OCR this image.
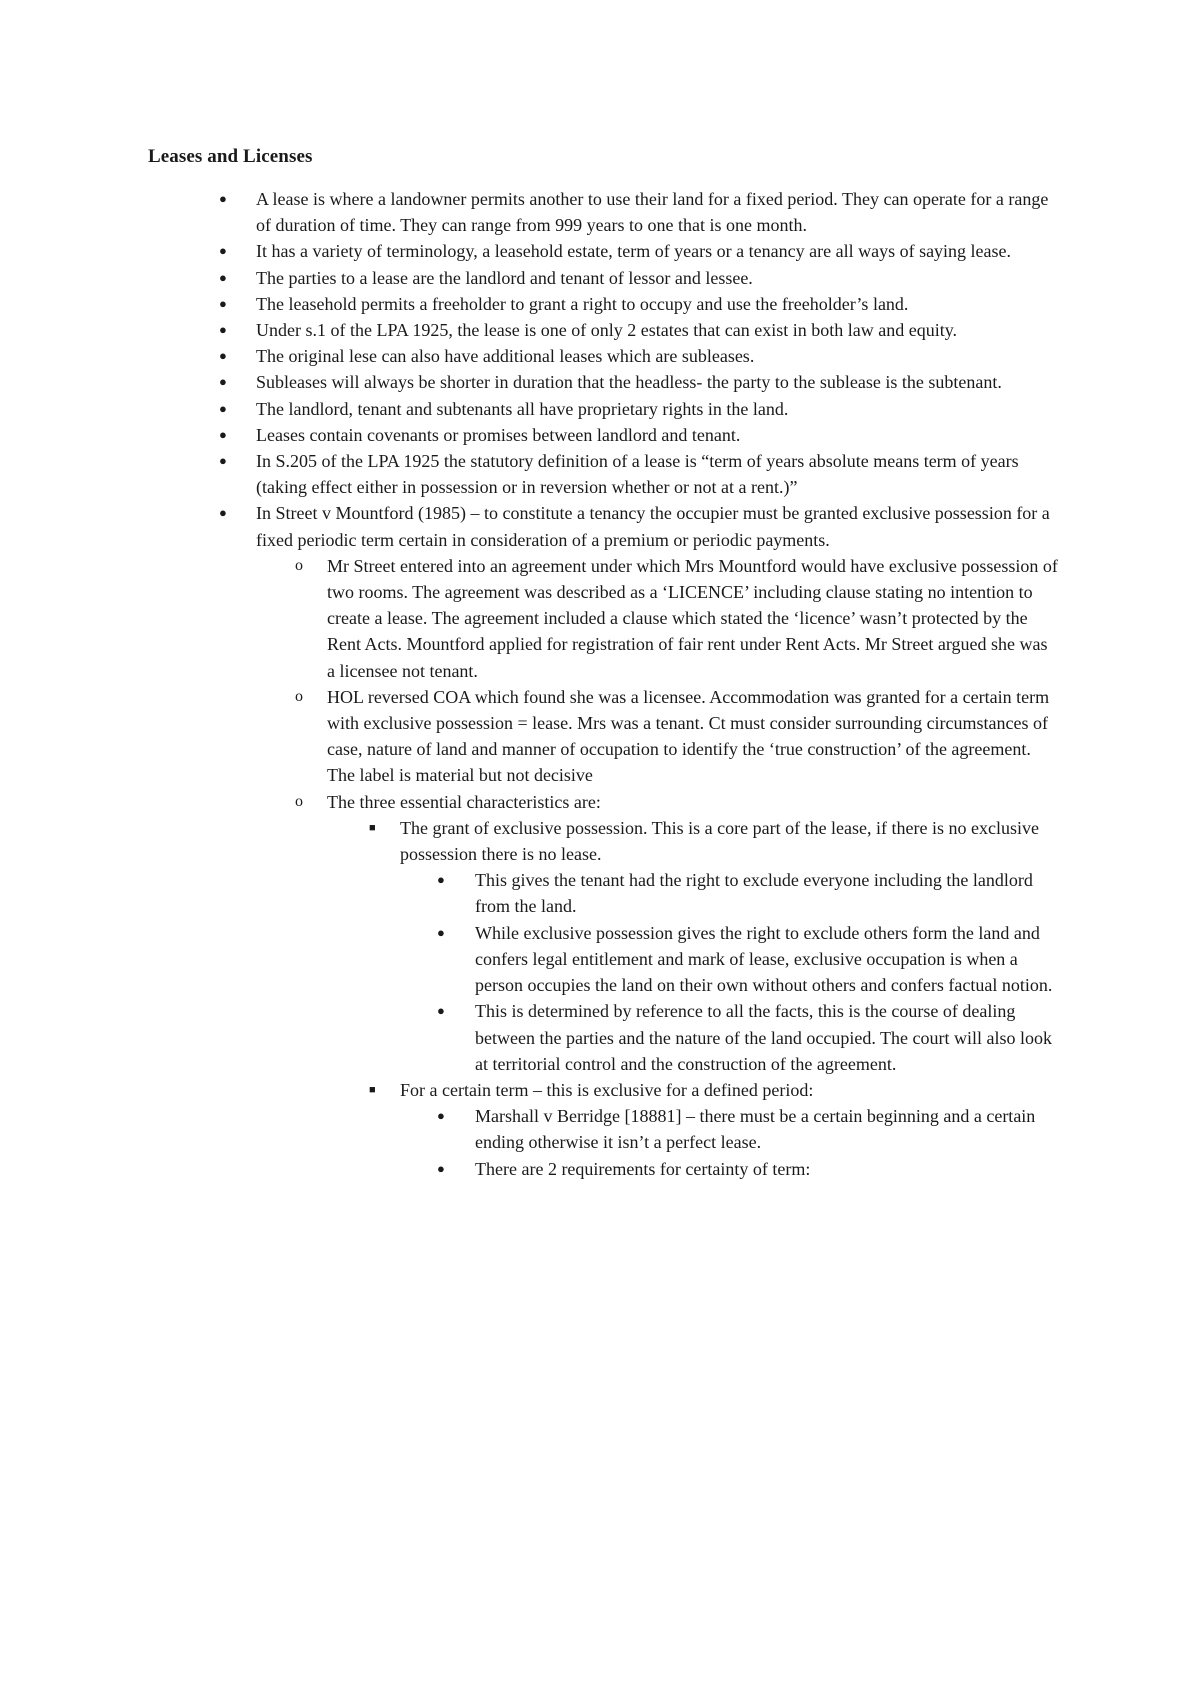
Leases and Licenses
● A lease is where a landowner permits another to use their land for a fixed period. They can operate for a range of duration of time. They can range from 999 years to one that is one month.
● It has a variety of terminology, a leasehold estate, term of years or a tenancy are all ways of saying lease.
● The parties to a lease are the landlord and tenant of lessor and lessee.
● The leasehold permits a freeholder to grant a right to occupy and use the freeholder’s land.
● Under s.1 of the LPA 1925, the lease is one of only 2 estates that can exist in both law and equity.
● The original lese can also have additional leases which are subleases.
● Subleases will always be shorter in duration that the headless- the party to the sublease is the subtenant.
● The landlord, tenant and subtenants all have proprietary rights in the land.
● Leases contain covenants or promises between landlord and tenant.
● In S.205 of the LPA 1925 the statutory definition of a lease is “term of years absolute means term of years (taking effect either in possession or in reversion whether or not at a rent.)”
● In Street v Mountford (1985) – to constitute a tenancy the occupier must be granted exclusive possession for a fixed periodic term certain in consideration of a premium or periodic payments.
o Mr Street entered into an agreement under which Mrs Mountford would have exclusive possession of two rooms. The agreement was described as a ‘LICENCE’ including clause stating no intention to create a lease. The agreement included a clause which stated the ‘licence’ wasn’t protected by the Rent Acts. Mountford applied for registration of fair rent under Rent Acts. Mr Street argued she was a licensee not tenant.
o HOL reversed COA which found she was a licensee. Accommodation was granted for a certain term with exclusive possession = lease. Mrs was a tenant. Ct must consider surrounding circumstances of case, nature of land and manner of occupation to identify the ‘true construction’ of the agreement. The label is material but not decisive
o The three essential characteristics are:
■ The grant of exclusive possession. This is a core part of the lease, if there is no exclusive possession there is no lease.
● This gives the tenant had the right to exclude everyone including the landlord from the land.
● While exclusive possession gives the right to exclude others form the land and confers legal entitlement and mark of lease, exclusive occupation is when a person occupies the land on their own without others and confers factual notion.
● This is determined by reference to all the facts, this is the course of dealing between the parties and the nature of the land occupied. The court will also look at territorial control and the construction of the agreement.
■ For a certain term – this is exclusive for a defined period:
● Marshall v Berridge [18881] – there must be a certain beginning and a certain ending otherwise it isn’t a perfect lease.
● There are 2 requirements for certainty of term:
